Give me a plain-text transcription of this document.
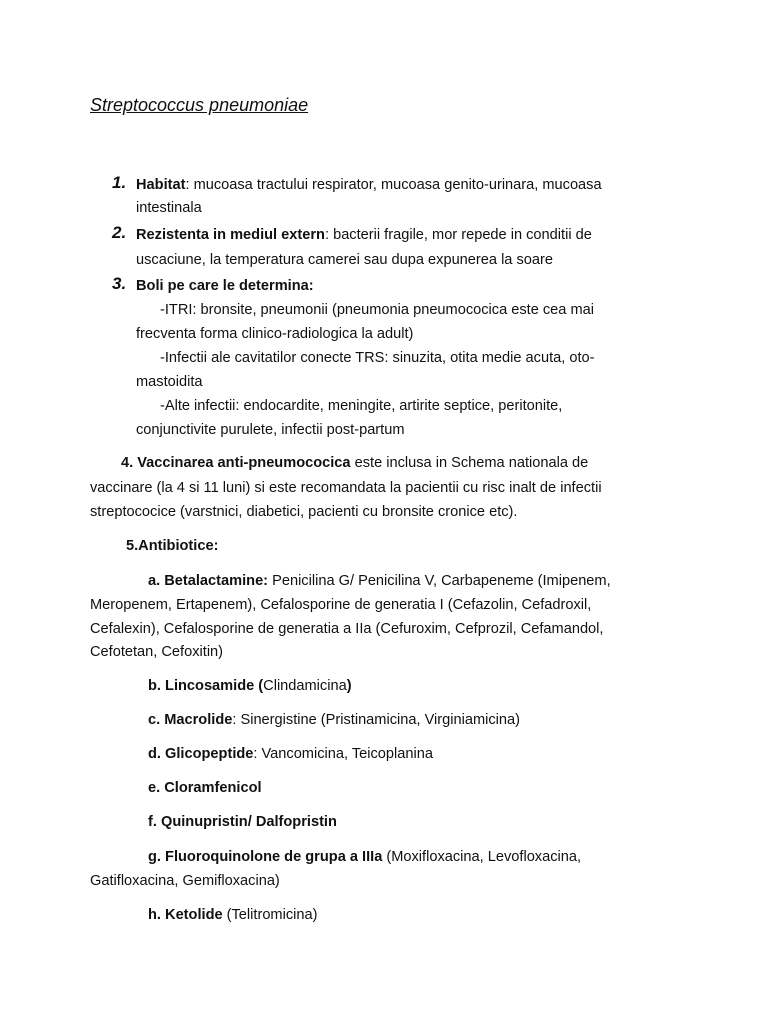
Streptococcus pneumoniae
1. Habitat: mucoasa tractului respirator, mucoasa genito-urinara, mucoasa
intestinala
2. Rezistenta in mediul extern: bacterii fragile, mor repede in conditii de
uscaciune, la temperatura camerei sau dupa expunerea la soare
3. Boli pe care le determina:
-ITRI: bronsite, pneumonii (pneumonia pneumococica este cea mai
frecventa forma clinico-radiologica la adult)
-Infectii ale cavitatilor conecte TRS: sinuzita, otita medie acuta, oto-
mastoidita
-Alte infectii: endocardite, meningite, artirite septice, peritonite,
conjunctivite purulete, infectii post-partum
4. Vaccinarea anti-pneumococica este inclusa in Schema nationala de
vaccinare (la 4 si 11 luni) si este recomandata la pacientii cu risc inalt de infectii
streptococice (varstnici, diabetici, pacienti cu bronsite cronice etc).
5.Antibiotice:
a. Betalactamine: Penicilina G/ Penicilina V, Carbapeneme (Imipenem,
Meropenem, Ertapenem), Cefalosporine de generatia I (Cefazolin, Cefadroxil,
Cefalexin), Cefalosporine de generatia a IIa (Cefuroxim, Cefprozil, Cefamandol,
Cefotetan, Cefoxitin)
b. Lincosamide (Clindamicina)
c. Macrolide: Sinergistine (Pristinamicina, Virginiamicina)
d. Glicopeptide: Vancomicina, Teicoplanina
e. Cloramfenicol
f. Quinupristin/ Dalfopristin
g. Fluoroquinolone de grupa a IIIa (Moxifloxacina, Levofloxacina,
Gatifloxacina, Gemifloxacina)
h. Ketolide (Telitromicina)
